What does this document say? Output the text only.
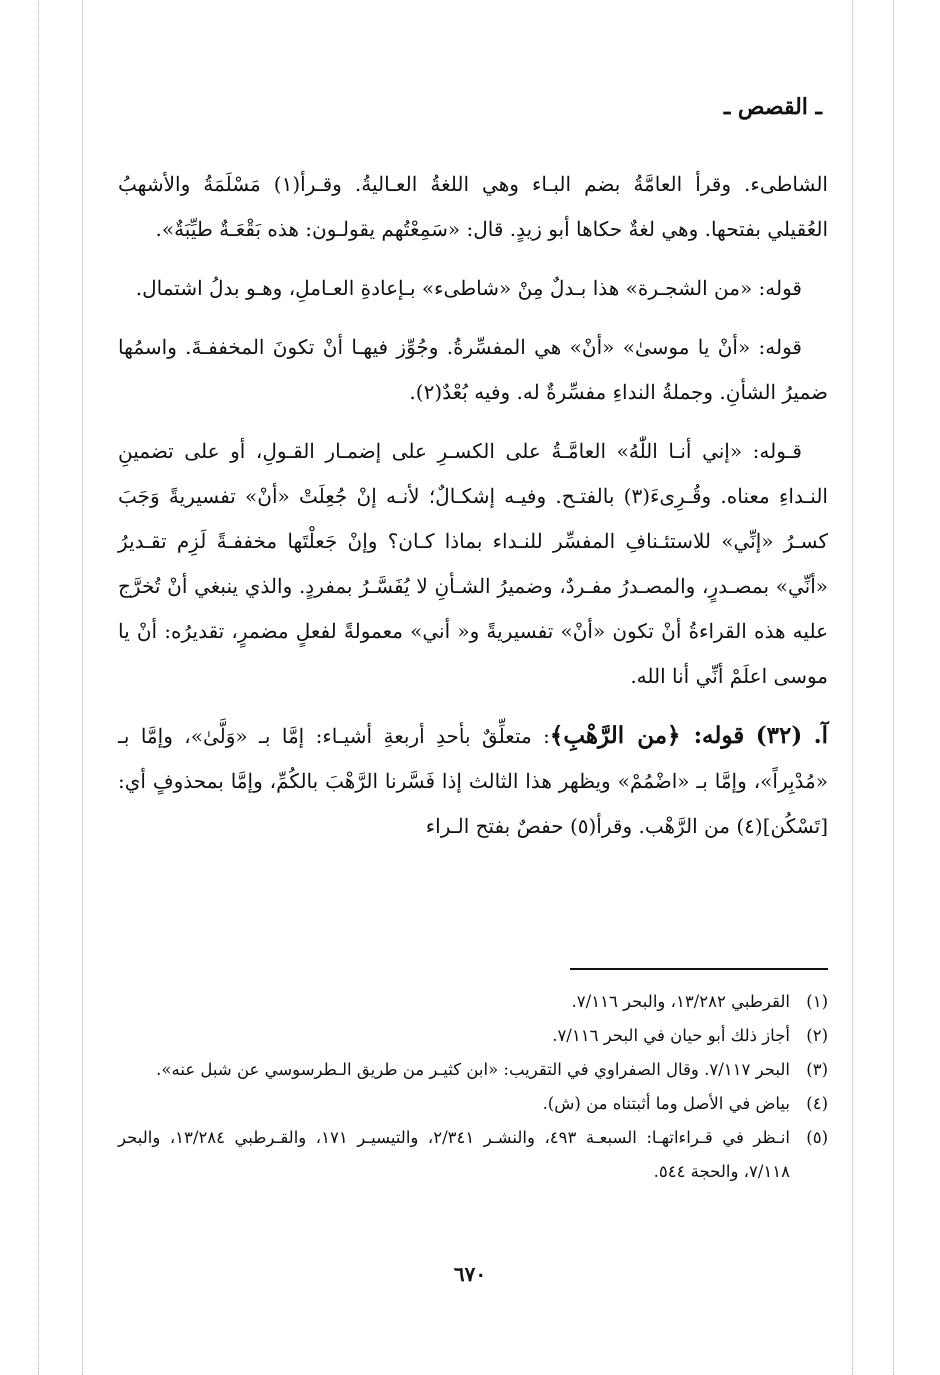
ـ القصص ـ

الشاطىء. وقرأ العامَّةُ بضم البـاء وهي اللغةُ العـاليةُ. وقـرأ(١) مَسْلَمَةُ والأشهبُ العُقيلي بفتحها. وهي لغةٌ حكاها أبو زيدٍ. قال: «سَمِعْتُهم يقولـون: هذه بَقْعَـةٌ طيِّبَةٌ».

قوله: «من الشجـرة» هذا بـدلٌ مِنْ «شاطىء» بـإعادةِ العـاملِ، وهـو بدلُ اشتمال.

قوله: «أنْ يا موسىٰ» «أنْ» هي المفسِّرةُ. وجُوِّز فيهـا أنْ تكونَ المخففـةَ. واسمُها ضميرُ الشأنِ. وجملةُ النداءِ مفسِّرةٌ له. وفيه بُعْدٌ(٢).

قـوله: «إني أنـا اللّٰهُ» العامَّـةُ على الكسـرِ على إضمـار القـولِ، أو على تضمينِ النـداءِ معناه. وقُـرِىءَ(٣) بالفتـح. وفيـه إشكـالٌ؛ لأنـه إنْ جُعِلَتْ «أنْ» تفسيريةً وَجَبَ كسـرُ «إنِّي» للاستئـنافِ المفسِّر للنـداء بماذا كـان؟ وإنْ جَعلْتَها مخففـةً لَزِم تقـديرُ «أنِّي» بمصـدرٍ، والمصـدرُ مفـردٌ، وضميرُ الشـأنِ لا يُفَسَّـرُ بمفردٍ. والذي ينبغي أنْ تُخرَّج عليه هذه القراءةُ أنْ تكون «أنْ» تفسيريةً و« أني» معمولةً لفعلٍ مضمرٍ، تقديرُه: أنْ يا موسى اعلَمْ أنِّي أنا الله.

آ. (٣٢) قوله: ﴿من الرَّهْبِ﴾: متعلِّقٌ بأحدِ أربعةِ أشيـاء: إمَّا بـ «وَلَّىٰ»، وإمَّا بـ «مُدْبِراً»، وإمَّا بـ «اضْمُمْ» ويظهر هذا الثالث إذا فَسَّرنا الرَّهْبَ بالكُمِّ، وإمَّا بمحذوفٍ أي: [تَسْكُن](٤) من الرَّهْب. وقرأ(٥) حفصٌ بفتح الـراء

(١)
القرطبي ١٣/٢٨٢، والبحر ٧/١١٦.
(٢)
أجاز ذلك أبو حيان في البحر ٧/١١٦.
(٣)
البحر ٧/١١٧. وقال الصفراوي في التقريب: «ابن كثيـر من طريق الـطرسوسي عن شبل عنه».
(٤)
بياض في الأصل وما أثبتناه من (ش).
(٥)
انـظر في قـراءاتهـا: السبعـة ٤٩٣، والنشـر ٢/٣٤١، والتيسيـر ١٧١، والقـرطبي ١٣/٢٨٤، والبحر ٧/١١٨، والحجة ٥٤٤.
٦٧٠
